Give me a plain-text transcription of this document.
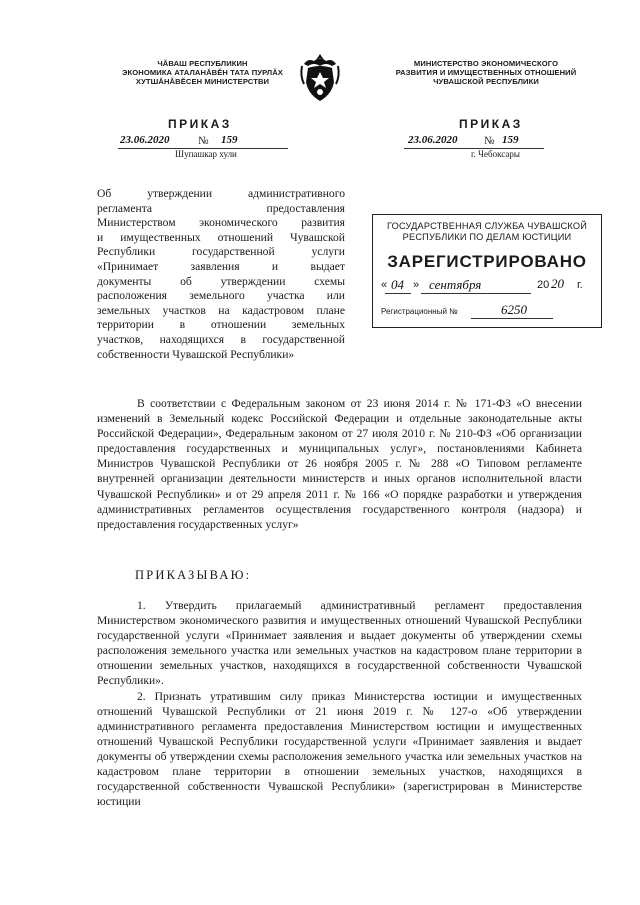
ЧĂВАШ РЕСПУБЛИКИН
ЭКОНОМИКА АТАЛАНĂВĔН ТАТА ПУРЛĂХ
ХУТШĂНĂВĔСЕН МИНИСТЕРСТВИ
МИНИСТЕРСТВО ЭКОНОМИЧЕСКОГО
РАЗВИТИЯ И ИМУЩЕСТВЕННЫХ ОТНОШЕНИЙ
ЧУВАШСКОЙ РЕСПУБЛИКИ
ПРИКАЗ	ПРИКАЗ
23.06.2020	№ 159
Шупашкар хули
23.06.2020 № 159
г. Чебоксары
Об утверждении административного
регламента предоставления
Министерством экономического развития
и имущественных отношений Чувашской
Республики государственной услуги
«Принимает заявления и выдает
документы об утверждении схемы
расположения земельного участка или
земельных участков на кадастровом плане
территории в отношении земельных
участков, находящихся в государственной
собственности Чувашской Республики»
ГОСУДАРСТВЕННАЯ СЛУЖБА ЧУВАШСКОЙ
РЕСПУБЛИКИ ПО ДЕЛАМ ЮСТИЦИИ
ЗАРЕГИСТРИРОВАНО
« 04 » сентября	20 20 г.
Регистрационный №	6250

В соответствии с Федеральным законом от 23 июня 2014 г. № 171-ФЗ «О внесении изменений в Земельный кодекс Российской Федерации и отдельные законодательные акты Российской Федерации», Федеральным законом от 27 июля 2010 г. № 210-ФЗ «Об организации предоставления государственных и муниципальных услуг», постановлениями Кабинета Министров Чувашской Республики от 26 ноября 2005 г. № 288 «О Типовом регламенте внутренней организации деятельности министерств и иных органов исполнительной власти Чувашской Республики» и от 29 апреля 2011 г. № 166 «О порядке разработки и утверждения административных регламентов осуществления государственного контроля (надзора) и предоставления государственных услуг»

ПРИКАЗЫВАЮ:

1. Утвердить прилагаемый административный регламент предоставления Министерством экономического развития и имущественных отношений Чувашской Республики государственной услуги «Принимает заявления и выдает документы об утверждении схемы расположения земельного участка или земельных участков на кадастровом плане территории в отношении земельных участков, находящихся в государственной собственности Чувашской Республики».

2. Признать утратившим силу приказ Министерства юстиции и имущественных отношений Чувашской Республики от 21 июня 2019 г. № 127-о «Об утверждении административного регламента предоставления Министерством юстиции и имущественных отношений Чувашской Республики государственной услуги «Принимает заявления и выдает документы об утверждении схемы расположения земельного участка или земельных участков на кадастровом плане территории в отношении земельных участков, находящихся в государственной собственности Чувашской Республики» (зарегистрирован в Министерстве юстиции
